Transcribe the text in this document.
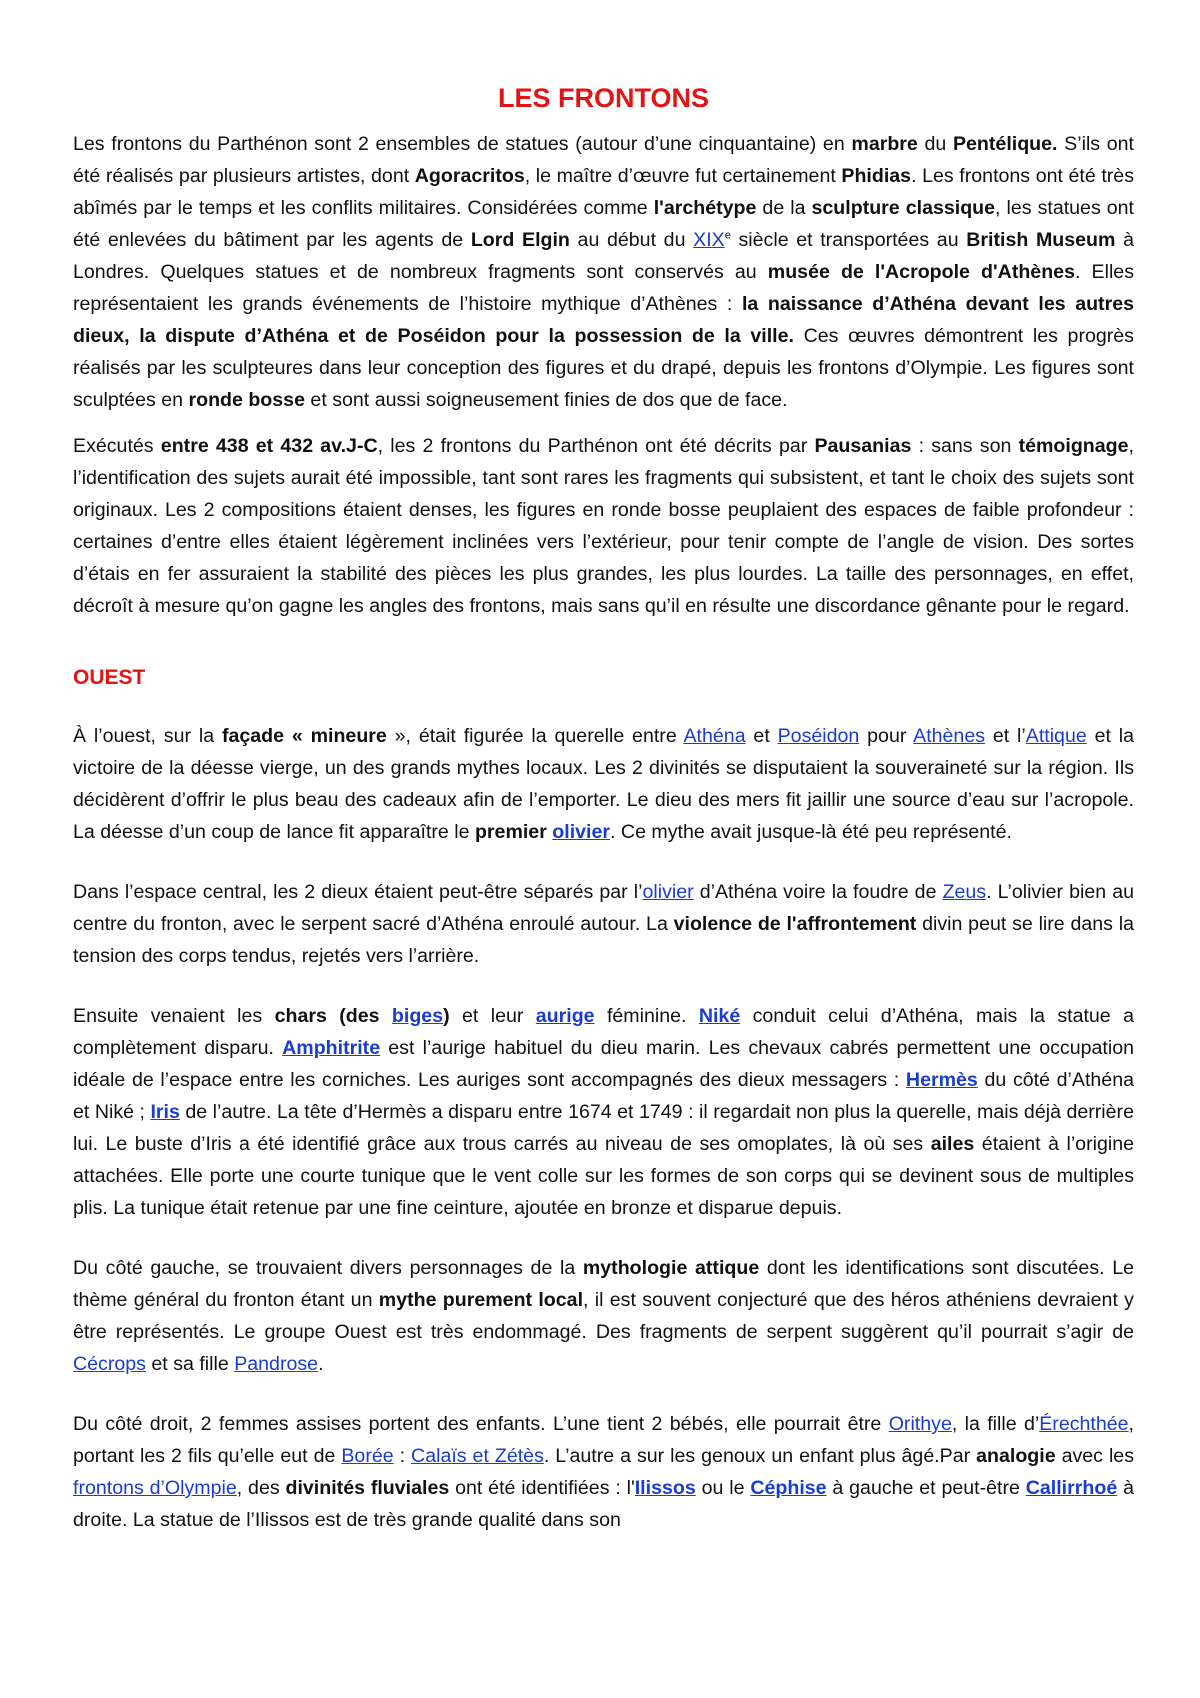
LES FRONTONS

Les frontons du Parthénon sont 2 ensembles de statues (autour d’une cinquantaine) en marbre du Pentélique. S’ils ont été réalisés par plusieurs artistes, dont Agoracritos, le maître d’œuvre fut certainement Phidias. Les frontons ont été très abîmés par le temps et les conflits militaires. Considérées comme l'archétype de la sculpture classique, les statues ont été enlevées du bâtiment par les agents de Lord Elgin au début du XIXe siècle et transportées au British Museum à Londres. Quelques statues et de nombreux fragments sont conservés au musée de l'Acropole d'Athènes. Elles représentaient les grands événements de l’histoire mythique d’Athènes : la naissance d’Athéna devant les autres dieux, la dispute d’Athéna et de Poséidon pour la possession de la ville. Ces œuvres démontrent les progrès réalisés par les sculpteures dans leur conception des figures et du drapé, depuis les frontons d’Olympie. Les figures sont sculptées en ronde bosse et sont aussi soigneusement finies de dos que de face.

Exécutés entre 438 et 432 av.J-C, les 2 frontons du Parthénon ont été décrits par Pausanias : sans son témoignage, l’identification des sujets aurait été impossible, tant sont rares les fragments qui subsistent, et tant le choix des sujets sont originaux. Les 2 compositions étaient denses, les figures en ronde bosse peuplaient des espaces de faible profondeur : certaines d’entre elles étaient légèrement inclinées vers l’extérieur, pour tenir compte de l’angle de vision. Des sortes d’étais en fer assuraient la stabilité des pièces les plus grandes, les plus lourdes. La taille des personnages, en effet, décroît à mesure qu’on gagne les angles des frontons, mais sans qu’il en résulte une discordance gênante pour le regard.

OUEST

À l’ouest, sur la façade « mineure », était figurée la querelle entre Athéna et Poséidon pour Athènes et l’Attique et la victoire de la déesse vierge, un des grands mythes locaux. Les 2 divinités se disputaient la souveraineté sur la région. Ils décidèrent d’offrir le plus beau des cadeaux afin de l’emporter. Le dieu des mers fit jaillir une source d’eau sur l’acropole. La déesse d’un coup de lance fit apparaître le premier olivier. Ce mythe avait jusque-là été peu représenté.

Dans l’espace central, les 2 dieux étaient peut-être séparés par l’olivier d’Athéna voire la foudre de Zeus. L’olivier bien au centre du fronton, avec le serpent sacré d’Athéna enroulé autour. La violence de l'affrontement divin peut se lire dans la tension des corps tendus, rejetés vers l’arrière.

Ensuite venaient les chars (des biges) et leur aurige féminine. Niké conduit celui d’Athéna, mais la statue a complètement disparu. Amphitrite est l’aurige habituel du dieu marin. Les chevaux cabrés permettent une occupation idéale de l’espace entre les corniches. Les auriges sont accompagnés des dieux messagers : Hermès du côté d’Athéna et Niké ; Iris de l’autre. La tête d’Hermès a disparu entre 1674 et 1749 : il regardait non plus la querelle, mais déjà derrière lui. Le buste d’Iris a été identifié grâce aux trous carrés au niveau de ses omoplates, là où ses ailes étaient à l’origine attachées. Elle porte une courte tunique que le vent colle sur les formes de son corps qui se devinent sous de multiples plis. La tunique était retenue par une fine ceinture, ajoutée en bronze et disparue depuis.

Du côté gauche, se trouvaient divers personnages de la mythologie attique dont les identifications sont discutées. Le thème général du fronton étant un mythe purement local, il est souvent conjecturé que des héros athéniens devraient y être représentés. Le groupe Ouest est très endommagé. Des fragments de serpent suggèrent qu’il pourrait s’agir de Cécrops et sa fille Pandrose.

Du côté droit, 2 femmes assises portent des enfants. L’une tient 2 bébés, elle pourrait être Orithye, la fille d’Érechthée, portant les 2 fils qu’elle eut de Borée : Calaïs et Zétès. L’autre a sur les genoux un enfant plus âgé.Par analogie avec les frontons d’Olympie, des divinités fluviales ont été identifiées : l'Ilissos ou le Céphise à gauche et peut-être Callirrhoé à droite. La statue de l’Ilissos est de très grande qualité dans son
